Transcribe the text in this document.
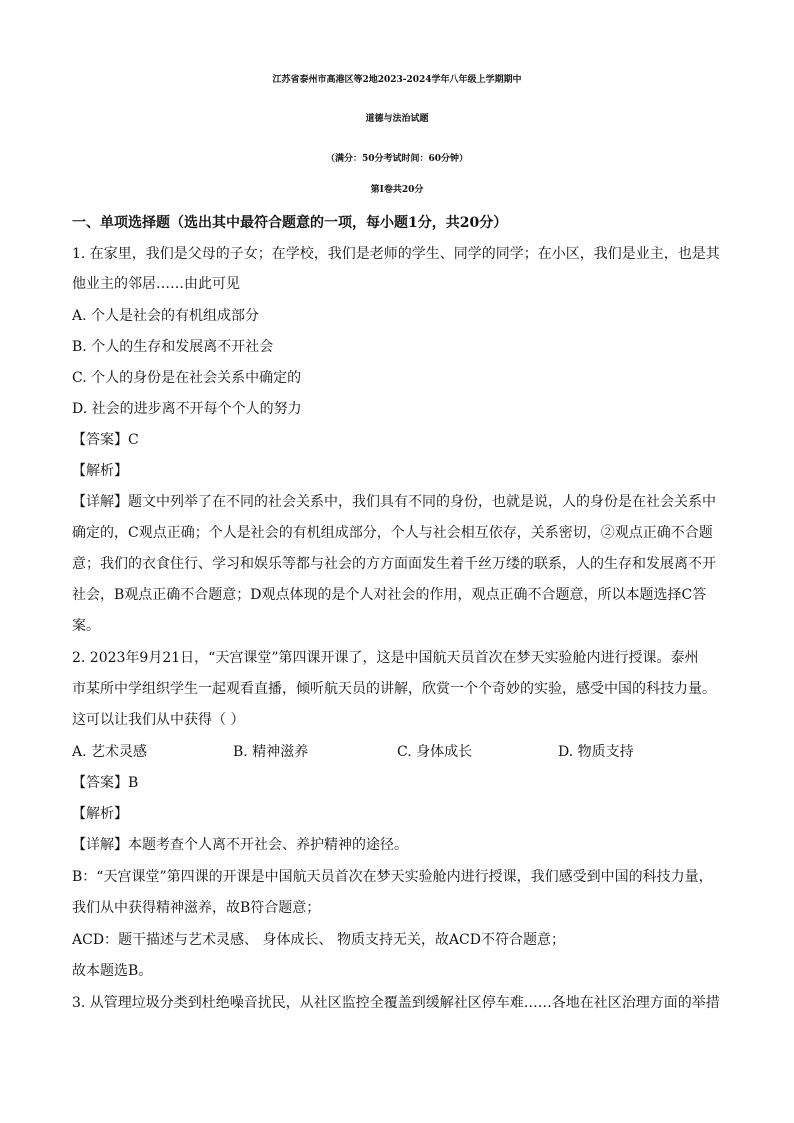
江苏省泰州市高港区等2地2023-2024学年八年级上学期期中
道德与法治试题
（满分：50分考试时间：60分钟）
第I卷共20分
一、单项选择题（选出其中最符合题意的一项，每小题1分，共20分）
1. 在家里，我们是父母的子女；在学校，我们是老师的学生、同学的同学；在小区，我们是业主，也是其
他业主的邻居……由此可见
A. 个人是社会的有机组成部分
B. 个人的生存和发展离不开社会
C. 个人的身份是在社会关系中确定的
D. 社会的进步离不开每个个人的努力
【答案】C
【解析】
【详解】题文中列举了在不同的社会关系中，我们具有不同的身份，也就是说，人的身份是在社会关系中
确定的，C观点正确；个人是社会的有机组成部分，个人与社会相互依存，关系密切，②观点正确不合题
意；我们的衣食住行、学习和娱乐等都与社会的方方面面发生着千丝万缕的联系，人的生存和发展离不开
社会，B观点正确不合题意；D观点体现的是个人对社会的作用，观点正确不合题意，所以本题选择C答
案。
2. 2023年9月21日，“天宫课堂”第四课开课了，这是中国航天员首次在梦天实验舱内进行授课。泰州
市某所中学组织学生一起观看直播，倾听航天员的讲解，欣赏一个个奇妙的实验，感受中国的科技力量。
这可以让我们从中获得（ ）
A. 艺术灵感	B. 精神滋养	C. 身体成长	D. 物质支持
【答案】B
【解析】
【详解】本题考查个人离不开社会、养护精神的途径。
B：“天宫课堂”第四课的开课是中国航天员首次在梦天实验舱内进行授课，我们感受到中国的科技力量，
我们从中获得精神滋养，故B符合题意；
ACD：题干描述与艺术灵感、 身体成长、 物质支持无关，故ACD不符合题意；
故本题选B。
3. 从管理垃圾分类到杜绝噪音扰民，从社区监控全覆盖到缓解社区停车难……各地在社区治理方面的举措
